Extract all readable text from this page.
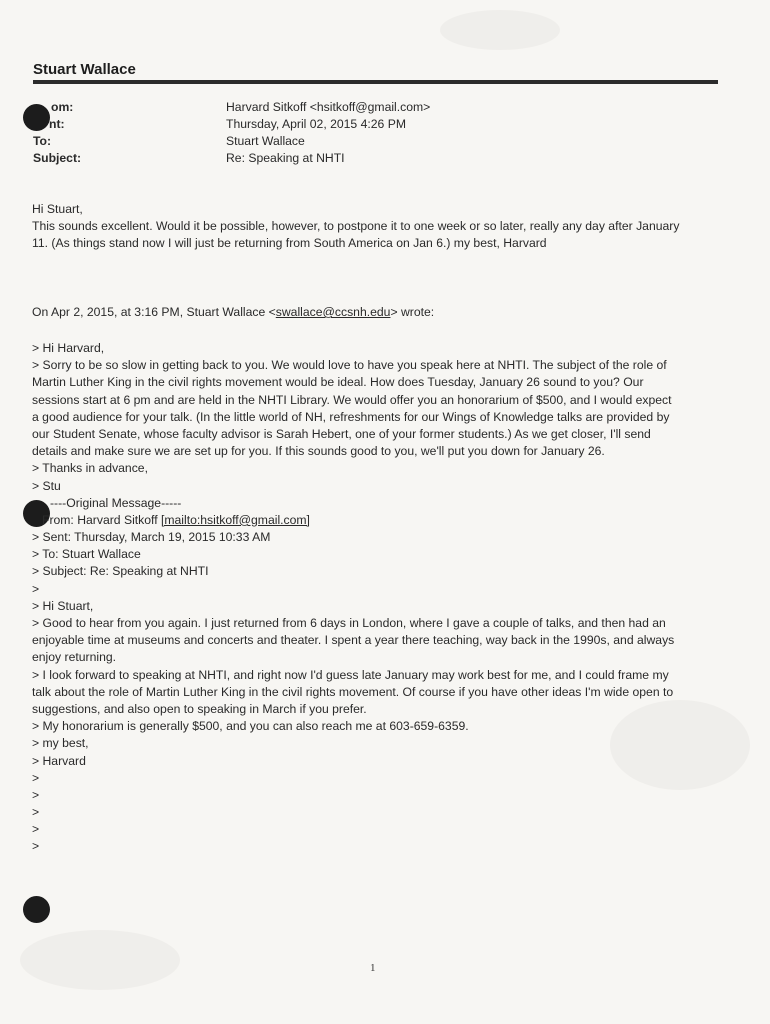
Stuart Wallace
om:	Harvard Sitkoff <hsitkoff@gmail.com>
nt:	Thursday, April 02, 2015 4:26 PM
To:	Stuart Wallace
Subject:	Re: Speaking at NHTI
Hi Stuart,
This sounds excellent. Would it be possible, however, to postpone it to one week or so later, really any day after January
11. (As things stand now I will just be returning from South America on Jan 6.) my best, Harvard
On Apr 2, 2015, at 3:16 PM, Stuart Wallace <swallace@ccsnh.edu> wrote:
> Hi Harvard,
> Sorry to be so slow in getting back to you. We would love to have you speak here at NHTI. The subject of the role of
Martin Luther King in the civil rights movement would be ideal. How does Tuesday, January 26 sound to you? Our
sessions start at 6 pm and are held in the NHTI Library. We would offer you an honorarium of $500, and I would expect
a good audience for your talk. (In the little world of NH, refreshments for our Wings of Knowledge talks are provided by
our Student Senate, whose faculty advisor is Sarah Hebert, one of your former students.) As we get closer, I'll send
details and make sure we are set up for you. If this sounds good to you, we'll put you down for January 26.
> Thanks in advance,
> Stu
----Original Message-----
From: Harvard Sitkoff [mailto:hsitkoff@gmail.com]
> Sent: Thursday, March 19, 2015 10:33 AM
> To: Stuart Wallace
> Subject: Re: Speaking at NHTI
>
> Hi Stuart,
> Good to hear from you again. I just returned from 6 days in London, where I gave a couple of talks, and then had an
enjoyable time at museums and concerts and theater. I spent a year there teaching, way back in the 1990s, and always
enjoy returning.
> I look forward to speaking at NHTI, and right now I'd guess late January may work best for me, and I could frame my
talk about the role of Martin Luther King in the civil rights movement. Of course if you have other ideas I'm wide open to
suggestions, and also open to speaking in March if you prefer.
> My honorarium is generally $500, and you can also reach me at 603-659-6359.
> my best,
> Harvard
>
>
>
>
>
1
